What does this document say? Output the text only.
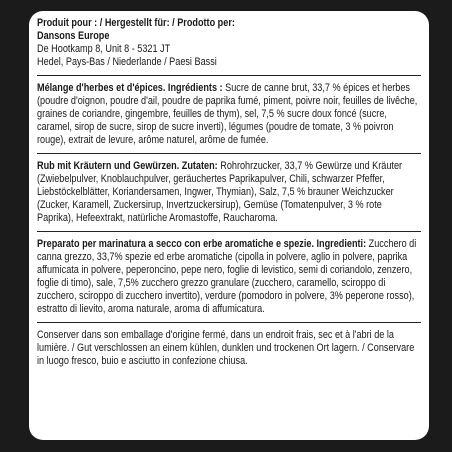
Produit pour : / Hergestellt für: / Prodotto per:

Dansons Europe

De Hootkamp 8, Unit 8 - 5321 JT

Hedel, Pays-Bas / Niederlande / Paesi Bassi

Mélange d'herbes et d'épices. Ingrédients : Sucre de canne brut, 33,7 % épices et herbes (poudre d'oignon, poudre d'ail, poudre de paprika fumé, piment, poivre noir, feuilles de livêche, graines de coriandre, gingembre, feuilles de thym), sel, 7,5 % sucre doux foncé (sucre, caramel, sirop de sucre, sirop de sucre inverti), légumes (poudre de tomate, 3 % poivron rouge), extrait de levure, arôme naturel, arôme de fumée.

Rub mit Kräutern und Gewürzen. Zutaten: Rohrohrzucker, 33,7 % Gewürze und Kräuter (Zwiebelpulver, Knoblauchpulver, geräuchertes Paprikapulver, Chili, schwarzer Pfeffer, Liebstöckelblätter, Koriandersamen, Ingwer, Thymian), Salz, 7,5 % brauner Weichzucker (Zucker, Karamell, Zuckersirup, Invertzuckersirup), Gemüse (Tomatenpulver, 3 % rote Paprika), Hefeextrakt, natürliche Aromastoffe, Raucharoma.

Preparato per marinatura a secco con erbe aromatiche e spezie. Ingredienti: Zucchero di canna grezzo, 33,7% spezie ed erbe aromatiche (cipolla in polvere, aglio in polvere, paprika affumicata in polvere, peperoncino, pepe nero, foglie di levistico, semi di coriandolo, zenzero, foglie di timo), sale, 7,5% zucchero grezzo granulare (zucchero, caramello, sciroppo di zucchero, sciroppo di zucchero invertito), verdure (pomodoro in polvere, 3% peperone rosso), estratto di lievito, aroma naturale, aroma di affumicatura.

Conserver dans son emballage d'origine fermé, dans un endroit frais, sec et à l'abri de la lumière. / Gut verschlossen an einem kühlen, dunklen und trockenen Ort lagern. / Conservare in luogo fresco, buio e asciutto in confezione chiusa.
